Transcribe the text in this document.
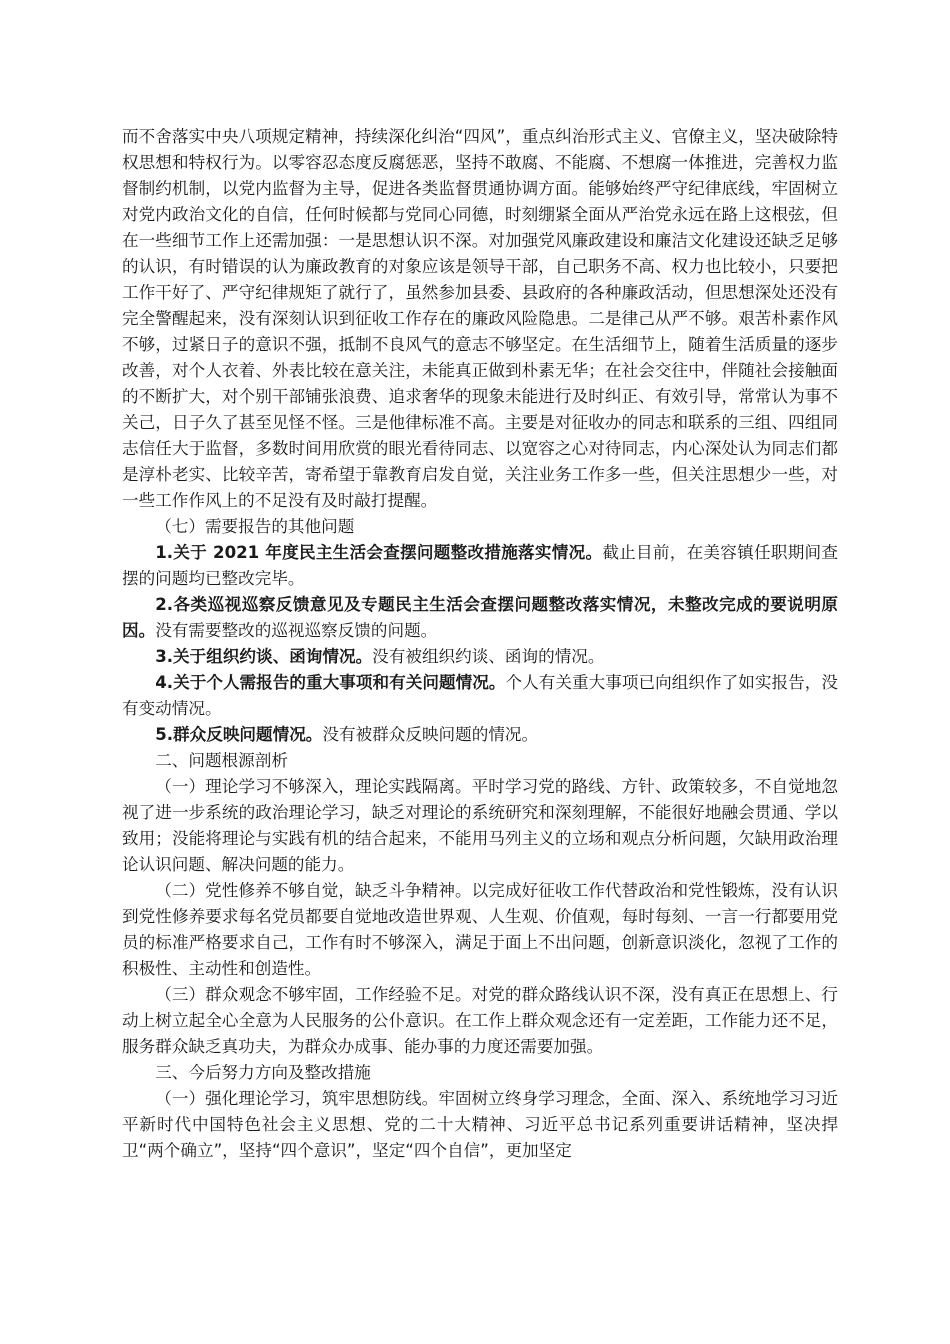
而不舍落实中央八项规定精神，持续深化纠治“四风”，重点纠治形式主义、官僚主义，坚决破除特权思想和特权行为。以零容忍态度反腐惩恶，坚持不敢腐、不能腐、不想腐一体推进，完善权力监督制约机制，以党内监督为主导，促进各类监督贯通协调方面。能够始终严守纪律底线，牢固树立对党内政治文化的自信，任何时候都与党同心同德，时刻绷紧全面从严治党永远在路上这根弦，但在一些细节工作上还需加强：一是思想认识不深。对加强党风廉政建设和廉洁文化建设还缺乏足够的认识，有时错误的认为廉政教育的对象应该是领导干部，自己职务不高、权力也比较小，只要把工作干好了、严守纪律规矩了就行了，虽然参加县委、县政府的各种廉政活动，但思想深处还没有完全警醒起来，没有深刻认识到征收工作存在的廉政风险隐患。二是律己从严不够。艰苦朴素作风不够，过紧日子的意识不强，抵制不良风气的意志不够坚定。在生活细节上，随着生活质量的逐步改善，对个人衣着、外表比较在意关注，未能真正做到朴素无华；在社会交往中，伴随社会接触面的不断扩大，对个别干部铺张浪费、追求奢华的现象未能进行及时纠正、有效引导，常常认为事不关己，日子久了甚至见怪不怪。三是他律标准不高。主要是对征收办的同志和联系的三组、四组同志信任大于监督，多数时间用欣赏的眼光看待同志、以宽容之心对待同志，内心深处认为同志们都是淳朴老实、比较辛苦，寄希望于靠教育启发自觉，关注业务工作多一些，但关注思想少一些，对一些工作作风上的不足没有及时敲打提醒。

（七）需要报告的其他问题

1.关于 2021 年度民主生活会查摆问题整改措施落实情况。截止目前，在美容镇任职期间查摆的问题均已整改完毕。

2.各类巡视巡察反馈意见及专题民主生活会查摆问题整改落实情况，未整改完成的要说明原因。没有需要整改的巡视巡察反馈的问题。

3.关于组织约谈、函询情况。没有被组织约谈、函询的情况。

4.关于个人需报告的重大事项和有关问题情况。个人有关重大事项已向组织作了如实报告，没有变动情况。

5.群众反映问题情况。没有被群众反映问题的情况。

二、问题根源剖析

（一）理论学习不够深入，理论实践隔离。平时学习党的路线、方针、政策较多，不自觉地忽视了进一步系统的政治理论学习，缺乏对理论的系统研究和深刻理解，不能很好地融会贯通、学以致用；没能将理论与实践有机的结合起来，不能用马列主义的立场和观点分析问题，欠缺用政治理论认识问题、解决问题的能力。

（二）党性修养不够自觉，缺乏斗争精神。以完成好征收工作代替政治和党性锻炼，没有认识到党性修养要求每名党员都要自觉地改造世界观、人生观、价值观，每时每刻、一言一行都要用党员的标准严格要求自己，工作有时不够深入，满足于面上不出问题，创新意识淡化，忽视了工作的积极性、主动性和创造性。

（三）群众观念不够牢固，工作经验不足。对党的群众路线认识不深，没有真正在思想上、行动上树立起全心全意为人民服务的公仆意识。在工作上群众观念还有一定差距，工作能力还不足，服务群众缺乏真功夫，为群众办成事、能办事的力度还需要加强。

三、今后努力方向及整改措施

（一）强化理论学习，筑牢思想防线。牢固树立终身学习理念，全面、深入、系统地学习习近平新时代中国特色社会主义思想、党的二十大精神、习近平总书记系列重要讲话精神，坚决捍卫“两个确立”，坚持“四个意识”，坚定“四个自信”，更加坚定
